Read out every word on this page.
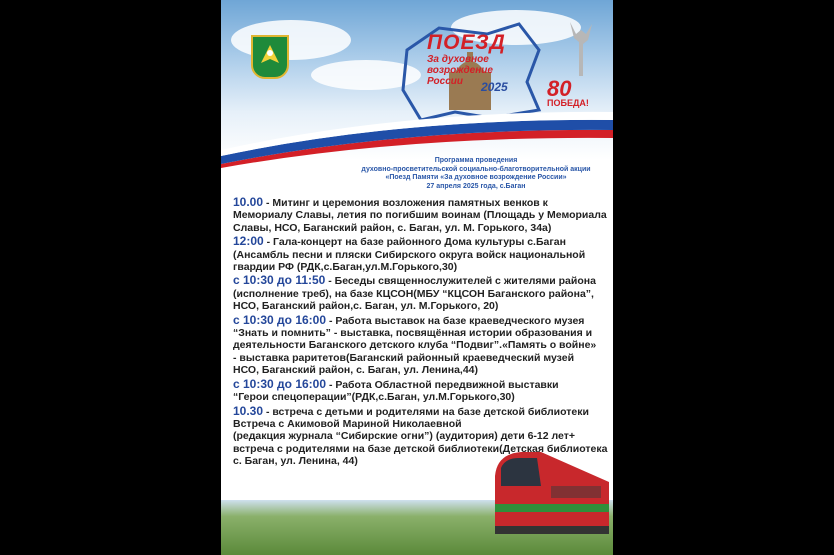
ПОЕЗД
За духовное
возрождение
России	2025 80
ПОБЕДА!
Программа проведения
духовно-просветительской социально-благотворительной акции
«Поезд Памяти «За духовное возрождение России»
27 апреля 2025 года, с.Баган
10.00 - Митинг и церемония возложения памятных венков к
Мемориалу Славы, летия по погибшим воинам (Площадь у Мемориала
Славы, НСО, Баганский район, с. Баган, ул. М. Горького, 34а)
12:00 - Гала-концерт на базе районного Дома культуры с.Баган
(Ансамбль песни и пляски Сибирского округа войск национальной
гвардии РФ (РДК,с.Баган,ул.М.Горького,30)
с 10:30 до 11:50 - Беседы священнослужителей с жителями района
(исполнение треб), на базе КЦСОН(МБУ “КЦСОН Баганского района”,
НСО, Баганский район,с. Баган, ул. М.Горького, 20)
с 10:30 до 16:00 - Работа выставок на базе краеведческого музея
“Знать и помнить” - выставка, посвящённая истории образования и
деятельности Баганского детского клуба “Подвиг”.«Память о войне»
- выставка раритетов(Баганский районный краеведческий музей
НСО, Баганский район, с. Баган, ул. Ленина,44)
с 10:30 до 16:00 - Работа Областной передвижной выставки
“Герои спецоперации”(РДК,с.Баган, ул.М.Горького,30)
10.30 - встреча с детьми и родителями на базе детской библиотеки
Встреча с Акимовой Мариной Николаевной
(редакция журнала “Сибирские огни”) (аудитория) дети 6-12 лет+
встреча с родителями на базе детской библиотеки(Детская библиотека
с. Баган, ул. Ленина, 44)
